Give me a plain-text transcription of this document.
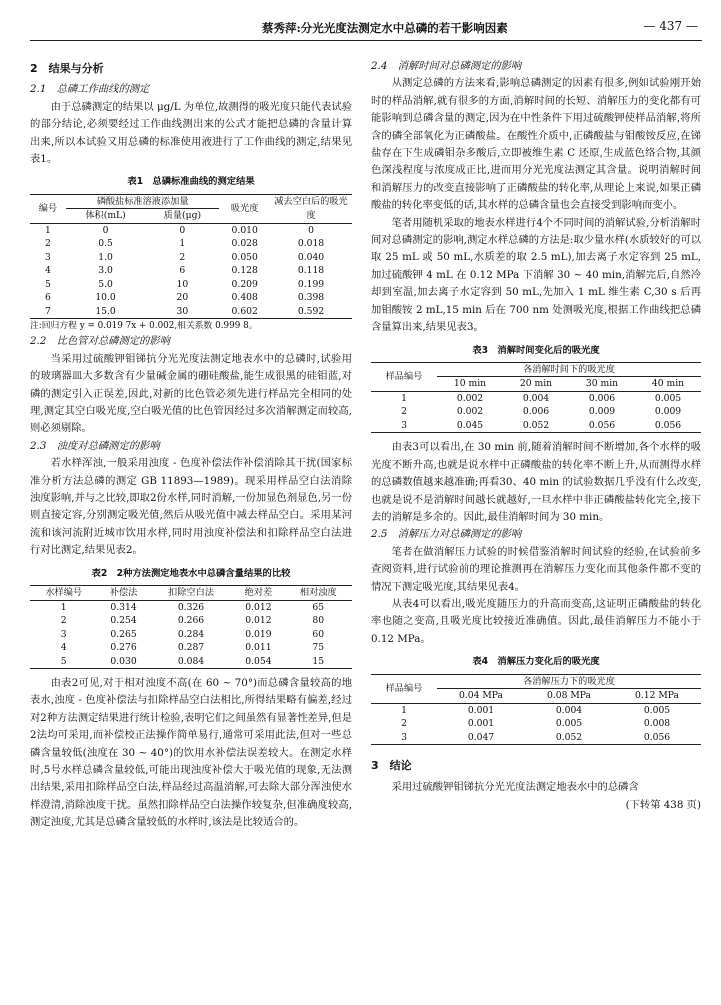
蔡秀萍:分光光度法测定水中总磷的若干影响因素	— 437 —
2　结果与分析
2.1　总磷工作曲线的测定

由于总磷测定的结果以 μg/L 为单位,故测得的吸光度只能代表试验的部分结论,必须要经过工作曲线测出来的公式才能把总磷的含量计算出来,所以本试验又用总磷的标准使用液进行了工作曲线的测定,结果见表1。

表1　总磷标准曲线的测定结果
编号	磷酸盐标准溶液添加量		吸光度	减去空白后的吸光度
	体积(mL)	质量(μg)		
1	0	0	0.010	0
2	0.5	1	0.028	0.018
3	1.0	2	0.050	0.040
4	3.0	6	0.128	0.118
5	5.0	10	0.209	0.199
6	10.0	20	0.408	0.398
7	15.0	30	0.602	0.592
注:回归方程 y = 0.019 7x + 0.002,相关系数 0.999 8。
2.2　比色管对总磷测定的影响

当采用过硫酸钾钼锑抗分光光度法测定地表水中的总磷时,试验用的玻璃器皿大多数含有少量碱金属的硼硅酸盐,能生成很黑的硅钼蓝,对磷的测定引入正误差,因此,对新的比色管必须先进行样品完全相同的处理,测定其空白吸光度,空白吸光值的比色管因经过多次消解测定而较高,则必须剔除。

2.3　浊度对总磷测定的影响

若水样浑浊,一般采用浊度 - 色度补偿法作补偿消除其干扰(国家标准分析方法总磷的测定 GB 11893—1989)。现采用样品空白法消除浊度影响,并与之比较,即取2份水样,同时消解,一份加显色剂显色,另一份则直接定容,分别测定吸光值,然后从吸光值中减去样品空白。采用某河流和该河流附近城市饮用水样,同时用浊度补偿法和扣除样品空白法进行对比测定,结果见表2。

表2　2种方法测定地表水中总磷含量结果的比较
水样编号	补偿法	扣除空白法	绝对差	相对浊度
1	0.314	0.326	0.012	65
2	0.254	0.266	0.012	80
3	0.265	0.284	0.019	60
4	0.276	0.287	0.011	75
5	0.030	0.084	0.054	15

由表2可见,对于相对浊度不高(在 60 ~ 70°)而总磷含量较高的地表水,浊度 - 色度补偿法与扣除样品空白法相比,所得结果略有偏差,经过对2种方法测定结果进行统计检验,表明它们之间虽然有显著性差异,但是2法均可采用,而补偿校正法操作简单易行,通常可采用此法,但对一些总磷含量较低(浊度在 30 ~ 40°)的饮用水补偿法误差较大。在测定水样时,5号水样总磷含量较低,可能出现浊度补偿大于吸光值的现象,无法测出结果,采用扣除样品空白法,样品经过高温消解,可去除大部分浑浊使水样澄清,消除浊度干扰。虽然扣除样品空白法操作较复杂,但准确度较高,测定浊度,尤其是总磷含量较低的水样时,该法是比较适合的。

2.4　消解时间对总磷测定的影响

从测定总磷的方法来看,影响总磷测定的因素有很多,例如试验刚开始时的样品消解,就有很多的方面,消解时间的长短、消解压力的变化都有可能影响到总磷含量的测定,因为在中性条件下用过硫酸钾使样品消解,将所含的磷全部氧化为正磷酸盐。在酸性介质中,正磷酸盐与钼酸铵反应,在锑盐存在下生成磷钼杂多酸后,立即被维生素 C 还原,生成蓝色络合物,其颜色深浅程度与浓度成正比,进而用分光光度法测定其含量。说明消解时间和消解压力的改变直接影响了正磷酸盐的转化率,从理论上来说,如果正磷酸盐的转化率变低的话,其水样的总磷含量也会直接受到影响而变小。

笔者用随机采取的地表水样进行4个不同时间的消解试验,分析消解时间对总磷测定的影响,测定水样总磷的方法是:取少量水样(水质较好的可以取 25 mL 或 50 mL,水质差的取 2.5 mL),加去离子水定容到 25 mL,加过硫酸钾 4 mL 在 0.12 MPa 下消解 30 ~ 40 min,消解完后,自然冷却到室温,加去离子水定容到 50 mL,先加入 1 mL 维生素 C,30 s 后再加钼酸铵 2 mL,15 min 后在 700 nm 处测吸光度,根据工作曲线把总磷含量算出来,结果见表3。

表3　消解时间变化后的吸光度
样品编号	各消解时间下的吸光度			
	10 min	20 min	30 min	40 min
1	0.002	0.004	0.006	0.005
2	0.002	0.006	0.009	0.009
3	0.045	0.052	0.056	0.056

由表3可以看出,在 30 min 前,随着消解时间不断增加,各个水样的吸光度不断升高,也就是说水样中正磷酸盐的转化率不断上升,从而测得水样的总磷数值越来越准确;再看30、40 min 的试验数据几乎没有什么改变,也就是说不是消解时间越长就越好,一旦水样中非正磷酸盐转化完全,接下去的消解是多余的。因此,最佳消解时间为 30 min。

2.5　消解压力对总磷测定的影响

笔者在做消解压力试验的时候借鉴消解时间试验的经验,在试验前多查阅资料,进行试验前的理论推测再在消解压力变化而其他条件都不变的情况下测定吸光度,其结果见表4。

从表4可以看出,吸光度随压力的升高而变高,这证明正磷酸盐的转化率也随之变高,且吸光度比较接近准确值。因此,最佳消解压力不能小于 0.12 MPa。

表4　消解压力变化后的吸光度
样品编号	各消解压力下的吸光度		
	0.04 MPa	0.08 MPa	0.12 MPa
1	0.001	0.004	0.005
2	0.001	0.005	0.008
3	0.047	0.052	0.056
3　结论

采用过硫酸钾钼锑抗分光光度法测定地表水中的总磷含

(下转第 438 页)
